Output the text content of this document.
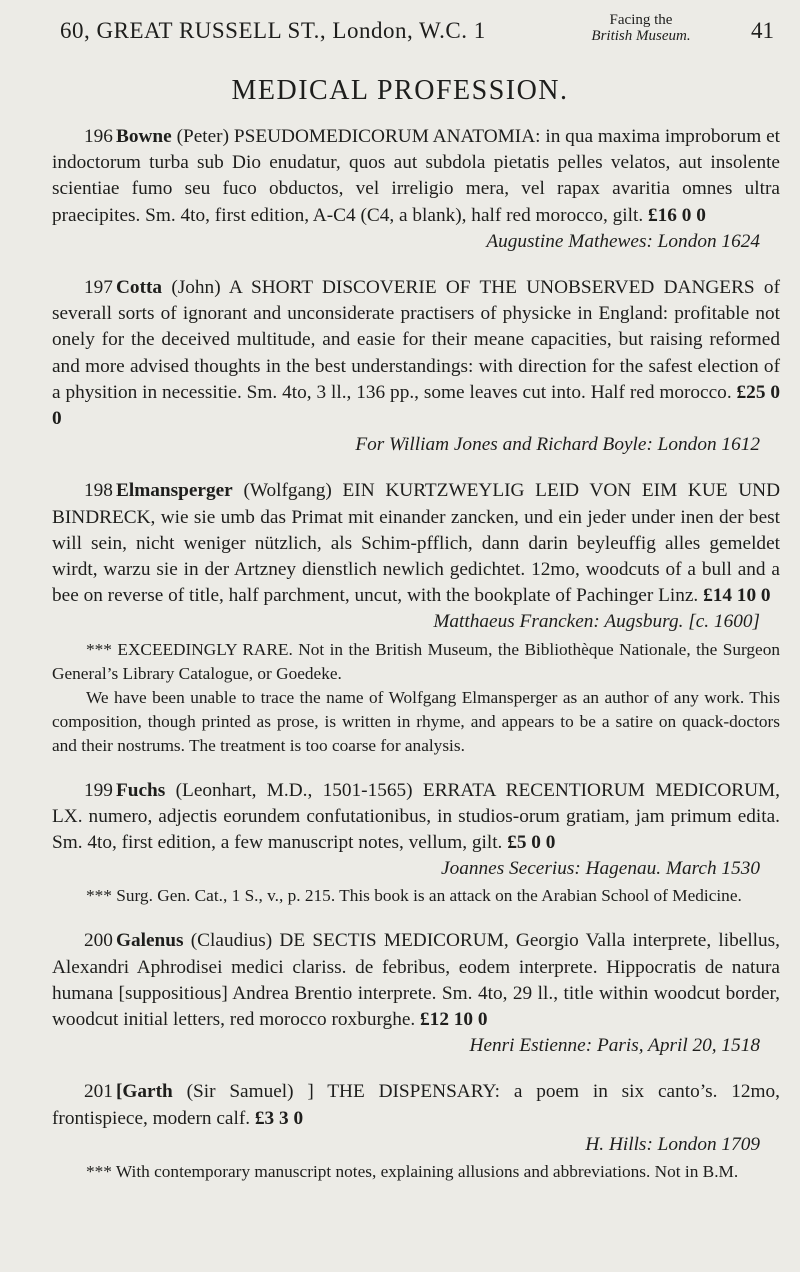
60, GREAT RUSSELL ST., London, W.C. 1	Facing the
British Museum.	41
MEDICAL PROFESSION.

196 Bowne (Peter) PSEUDOMEDICORUM ANATOMIA: in qua maxima improborum et indoctorum turba sub Dio enudatur, quos aut subdola pietatis pelles velatos, aut insolente scientiae fumo seu fuco obductos, vel irreligio mera, vel rapax avaritia omnes ultra praecipites. Sm. 4to, first edition, A-C4 (C4, a blank), half red morocco, gilt. £16 0 0
Augustine Mathewes: London 1624

197 Cotta (John) A SHORT DISCOVERIE OF THE UNOBSERVED DANGERS of severall sorts of ignorant and unconsiderate practisers of physicke in England: profitable not onely for the deceived multitude, and easie for their meane capacities, but raising reformed and more advised thoughts in the best understandings: with direction for the safest election of a physition in necessitie. Sm. 4to, 3 ll., 136 pp., some leaves cut into. Half red morocco. £25 0 0
For William Jones and Richard Boyle: London 1612

198 Elmansperger (Wolfgang) EIN KURTZWEYLIG LEID VON EIM KUE UND BINDRECK, wie sie umb das Primat mit einander zancken, und ein jeder under inen der best will sein, nicht weniger nützlich, als Schim-pfflich, dann darin beyleuffig alles gemeldet wirdt, warzu sie in der Artzney dienstlich newlich gedichtet. 12mo, woodcuts of a bull and a bee on reverse of title, half parchment, uncut, with the bookplate of Pachinger Linz. £14 10 0
Matthaeus Francken: Augsburg. [c. 1600]

*** EXCEEDINGLY RARE. Not in the British Museum, the Bibliothèque Nationale, the Surgeon General’s Library Catalogue, or Goedeke.

We have been unable to trace the name of Wolfgang Elmansperger as an author of any work. This composition, though printed as prose, is written in rhyme, and appears to be a satire on quack-doctors and their nostrums. The treatment is too coarse for analysis.

199 Fuchs (Leonhart, M.D., 1501-1565) ERRATA RECENTIORUM MEDICORUM, LX. numero, adjectis eorundem confutationibus, in studios-orum gratiam, jam primum edita. Sm. 4to, first edition, a few manuscript notes, vellum, gilt. £5 0 0
Joannes Secerius: Hagenau. March 1530

*** Surg. Gen. Cat., 1 S., v., p. 215. This book is an attack on the Arabian School of Medicine.

200 Galenus (Claudius) DE SECTIS MEDICORUM, Georgio Valla interprete, libellus, Alexandri Aphrodisei medici clariss. de febribus, eodem interprete. Hippocratis de natura humana [suppositious] Andrea Brentio interprete. Sm. 4to, 29 ll., title within woodcut border, woodcut initial letters, red morocco roxburghe. £12 10 0
Henri Estienne: Paris, April 20, 1518

201 [Garth (Sir Samuel) ] THE DISPENSARY: a poem in six canto’s. 12mo, frontispiece, modern calf. £3 3 0
H. Hills: London 1709

*** With contemporary manuscript notes, explaining allusions and abbreviations. Not in B.M.
